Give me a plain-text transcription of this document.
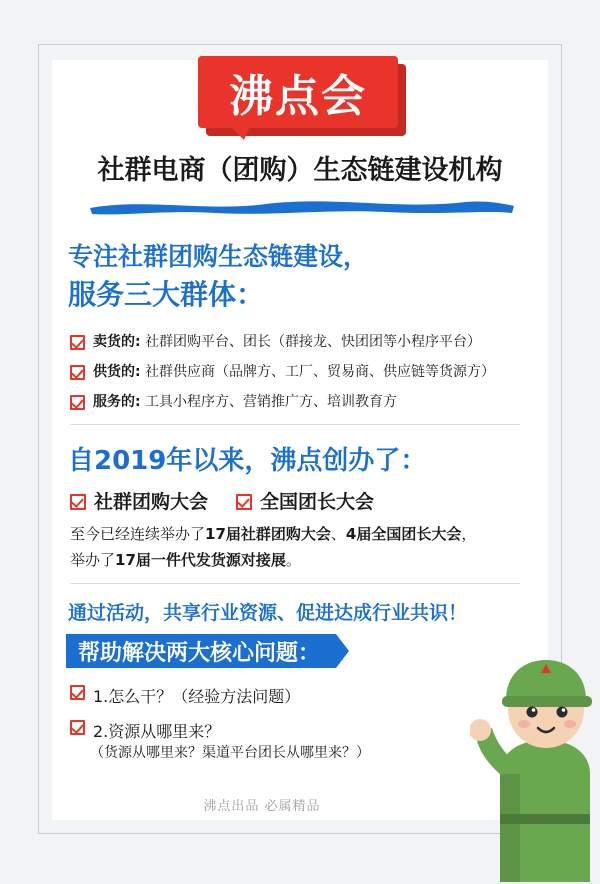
沸点会
社群电商（团购）生态链建设机构
专注社群团购生态链建设，
服务三大群体：
卖货的: 社群团购平台、团长（群接龙、快团团等小程序平台）
供货的: 社群供应商（品牌方、工厂、贸易商、供应链等货源方）
服务的: 工具小程序方、营销推广方、培训教育方
自2019年以来，沸点创办了：
社群团购大会	全国团长大会
至今已经连续举办了17届社群团购大会、4届全国团长大会，
举办了17届一件代发货源对接展。
通过活动，共享行业资源、促进达成行业共识！
帮助解决两大核心问题：
1.怎么干？（经验方法问题）
2.资源从哪里来？
（货源从哪里来？渠道平台团长从哪里来？）
沸点出品 必属精品
